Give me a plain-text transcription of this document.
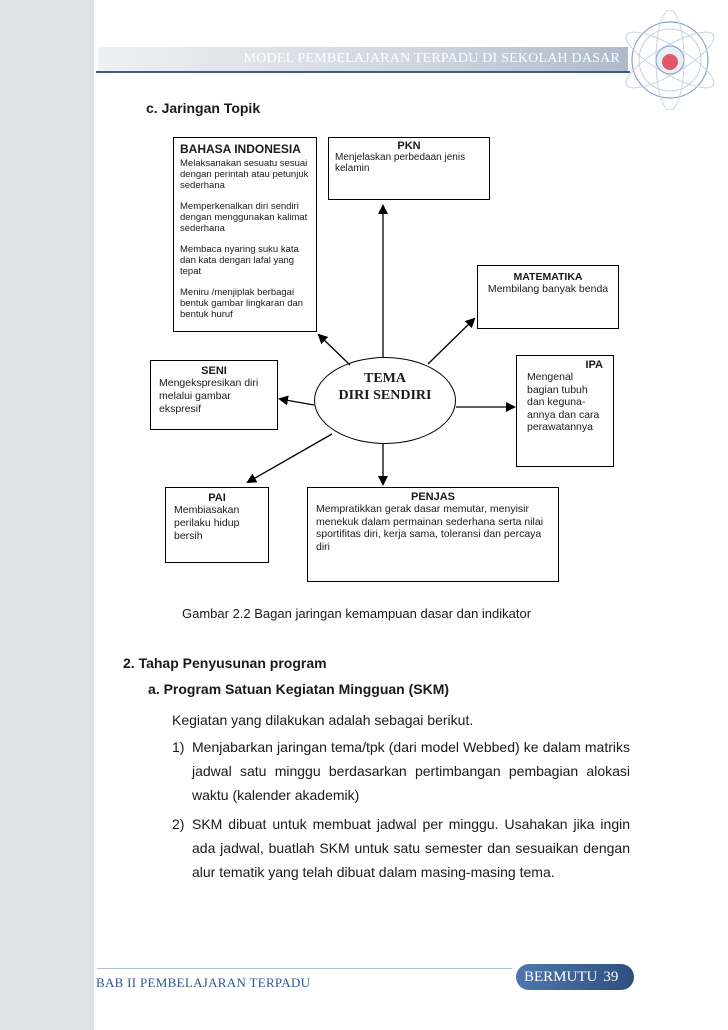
MODEL PEMBELAJARAN TERPADU DI SEKOLAH DASAR
c. Jaringan Topik
BAHASA INDONESIA

Melaksanakan sesuatu sesuai dengan perintah atau petunjuk sederhana

Memperkenalkan diri sendiri dengan menggunakan kalimat sederhana

Membaca nyaring suku kata dan kata dengan lafal yang tepat

Meniru /menjiplak berbagai bentuk gambar lingkaran dan bentuk huruf

PKN
Menjelaskan perbedaan jenis kelamin
MATEMATIKA
Membilang banyak benda
TEMA
DIRI SENDIRI
SENI
Mengekspresikan diri melalui gambar ekspresif
IPA
Mengenal bagian tubuh dan keguna-annya dan cara perawatannya
PAI
Membiasakan perilaku hidup bersih
PENJAS
Mempratikkan gerak dasar memutar, menyisir menekuk dalam permainan sederhana serta nilai sportifitas diri, kerja sama, toleransi dan percaya diri
Gambar 2.2 Bagan jaringan kemampuan dasar dan indikator
2. Tahap Penyusunan program
a. Program Satuan Kegiatan Mingguan (SKM)
Kegiatan yang dilakukan adalah sebagai berikut.
1) Menjabarkan jaringan tema/tpk (dari model Webbed) ke dalam matriks jadwal satu minggu berdasarkan pertimbangan pembagian alokasi waktu (kalender akademik)
2) SKM dibuat untuk membuat jadwal per minggu. Usahakan jika ingin ada jadwal, buatlah SKM untuk satu semester dan sesuaikan dengan alur tematik yang telah dibuat dalam masing-masing tema.
BAB II PEMBELAJARAN TERPADU	BERMUTU 39
